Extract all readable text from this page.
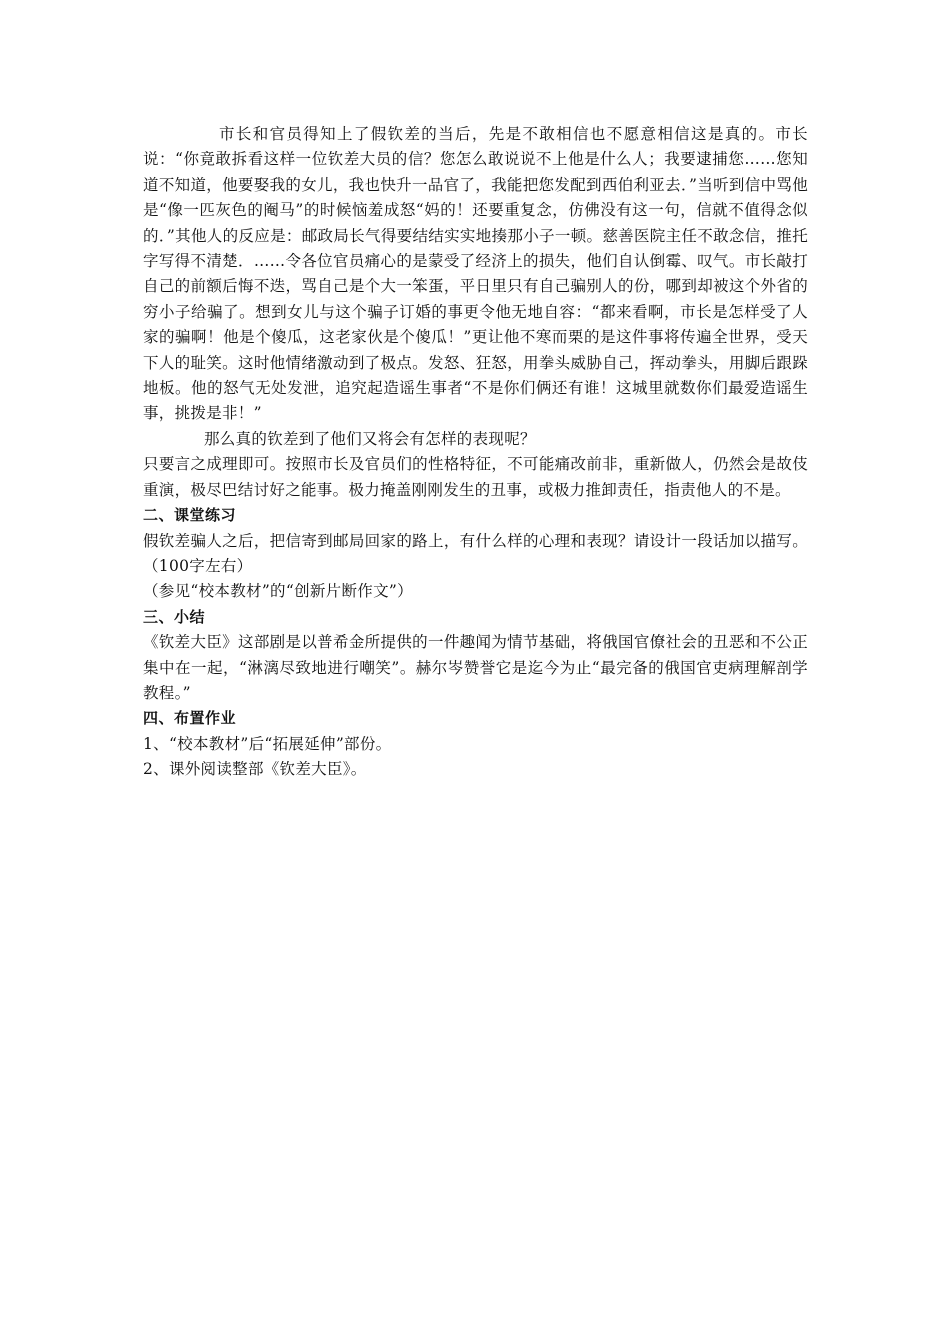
市长和官员得知上了假钦差的当后，先是不敢相信也不愿意相信这是真的。市长说：“你竟敢拆看这样一位钦差大员的信？您怎么敢说说不上他是什么人；我要逮捕您……您知道不知道，他要娶我的女儿，我也快升一品官了，我能把您发配到西伯利亚去．”当听到信中骂他是“像一匹灰色的阉马”的时候恼羞成怒“妈的！还要重复念，仿佛没有这一句，信就不值得念似的．”其他人的反应是：邮政局长气得要结结实实地揍那小子一顿。慈善医院主任不敢念信，推托字写得不清楚．……令各位官员痛心的是蒙受了经济上的损失，他们自认倒霉、叹气。市长敲打自己的前额后悔不迭，骂自己是个大一笨蛋，平日里只有自己骗别人的份，哪到却被这个外省的穷小子给骗了。想到女儿与这个骗子订婚的事更令他无地自容：“都来看啊，市长是怎样受了人家的骗啊！他是个傻瓜，这老家伙是个傻瓜！”更让他不寒而栗的是这件事将传遍全世界，受天下人的耻笑。这时他情绪激动到了极点。发怒、狂怒，用拳头威胁自己，挥动拳头，用脚后跟跺地板。他的怒气无处发泄，追究起造谣生事者“不是你们俩还有谁！这城里就数你们最爱造谣生事，挑拨是非！”

那么真的钦差到了他们又将会有怎样的表现呢？

只要言之成理即可。按照市长及官员们的性格特征，不可能痛改前非，重新做人，仍然会是故伎重演，极尽巴结讨好之能事。极力掩盖刚刚发生的丑事，或极力推卸责任，指责他人的不是。

二、课堂练习

假钦差骗人之后，把信寄到邮局回家的路上，有什么样的心理和表现？请设计一段话加以描写。（100字左右）

（参见“校本教材”的“创新片断作文”）

三、小结

《钦差大臣》这部剧是以普希金所提供的一件趣闻为情节基础，将俄国官僚社会的丑恶和不公正集中在一起，“淋漓尽致地进行嘲笑”。赫尔岑赞誉它是迄今为止“最完备的俄国官吏病理解剖学教程。”

四、布置作业

1、“校本教材”后“拓展延伸”部份。

2、课外阅读整部《钦差大臣》。
